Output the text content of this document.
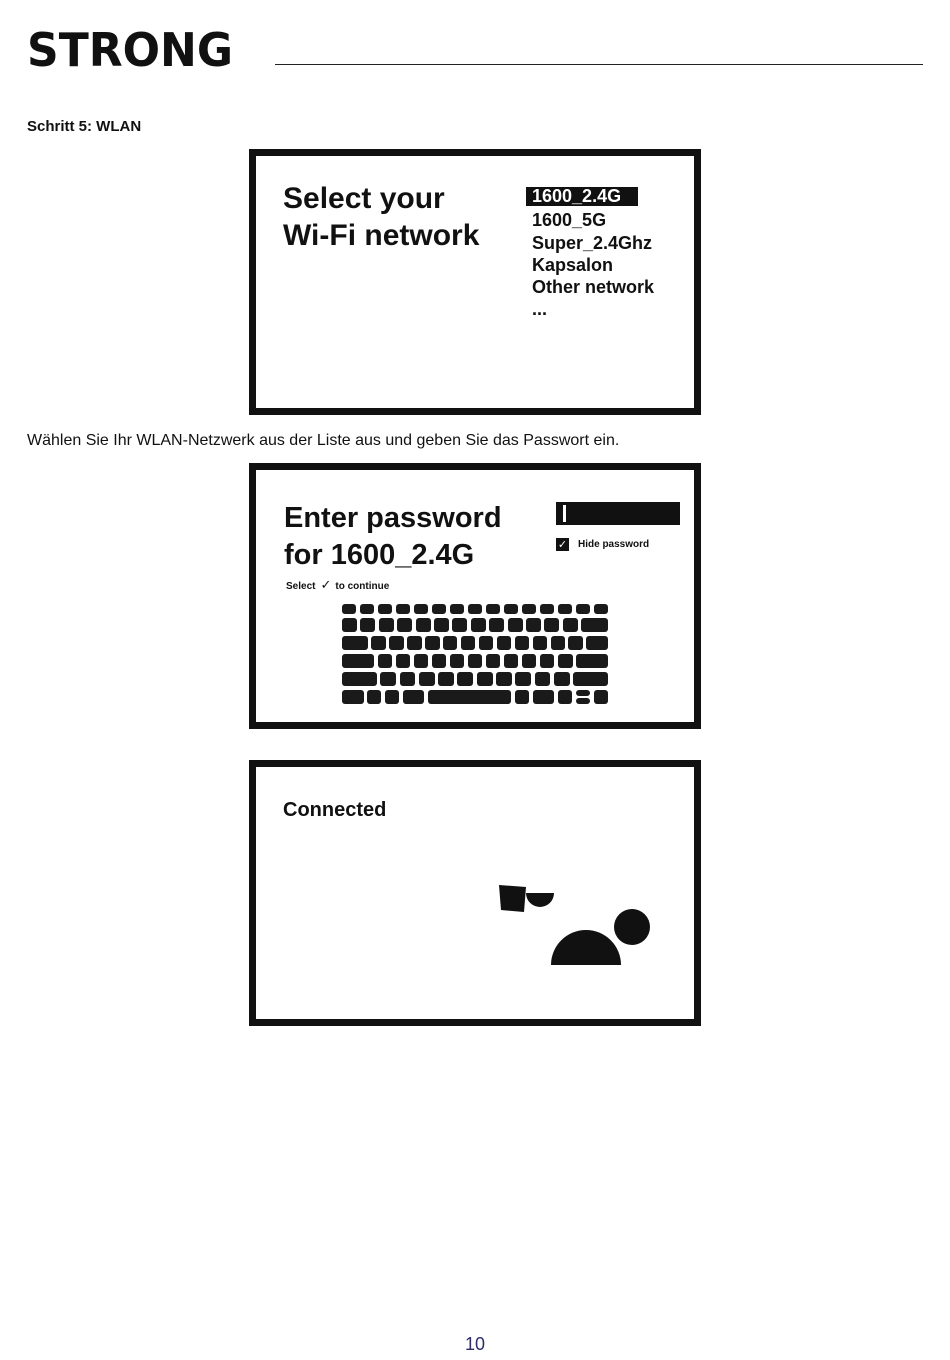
STRONG
Schritt 5: WLAN
Select your
Wi-Fi network
1600_2.4G
1600_5G
Super_2.4Ghz
Kapsalon
Other network
...
Wählen Sie Ihr WLAN-Netzwerk aus der Liste aus und geben Sie das Passwort ein.
Enter password
for 1600_2.4G	✓ Hide password
Select ✓ to continue
Connected
10
